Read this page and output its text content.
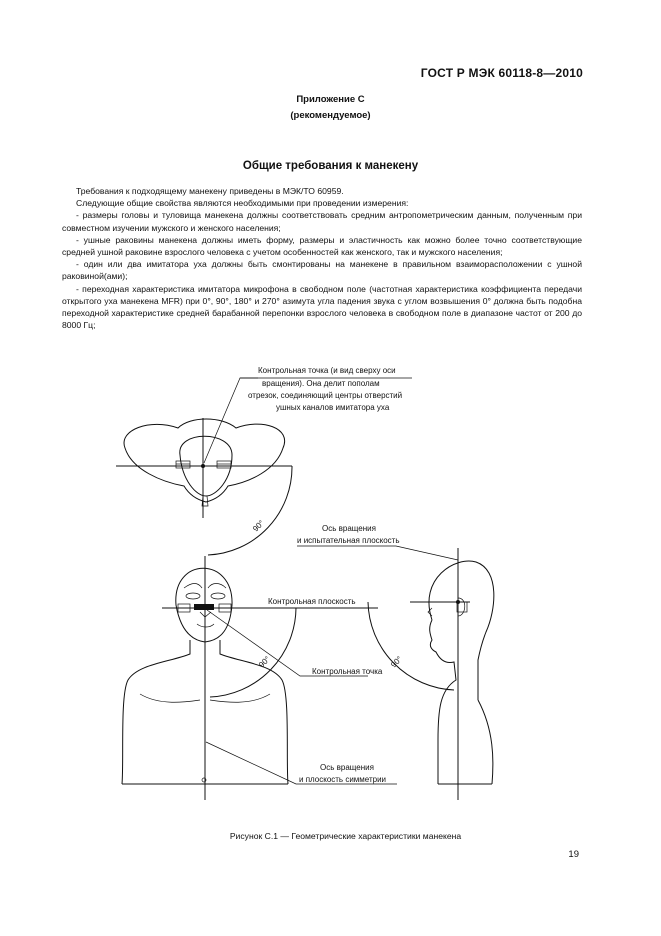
ГОСТ Р МЭК 60118-8—2010
Приложение С
(рекомендуемое)
Общие требования к манекену

Требования к подходящему манекену приведены в МЭК/ТО 60959.

Следующие общие свойства являются необходимыми при проведении измерения:

- размеры головы и туловища манекена должны соответствовать средним антропометрическим данным, полученным при совместном изучении мужского и женского населения;

- ушные раковины манекена должны иметь форму, размеры и эластичность как можно более точно соответствующие средней ушной раковине взрослого человека с учетом особенностей как женского, так и мужского населения;

- один или два имитатора уха должны быть смонтированы на манекене в правильном взаиморасположении с ушной раковиной(ами);

- переходная характеристика имитатора микрофона в свободном поле (частотная характеристика коэффициента передачи открытого уха манекена MFR) при 0°, 90°, 180° и 270° азимута угла падения звука с углом возвышения 0° должна быть подобна переходной характеристике средней барабанной перепонки взрослого человека в свободном поле в диапазоне частот от 200 до 8000 Гц;

90°
90°	90°
Контрольная точка (и вид сверху оси
вращения). Она делит пополам
отрезок, соединяющий центры отверстий
ушных каналов имитатора уха
Ось вращения
и испытательная плоскость
Контрольная плоскость
Контрольная точка
Ось вращения
и плоскость симметрии
Рисунок С.1 — Геометрические характеристики манекена
19
